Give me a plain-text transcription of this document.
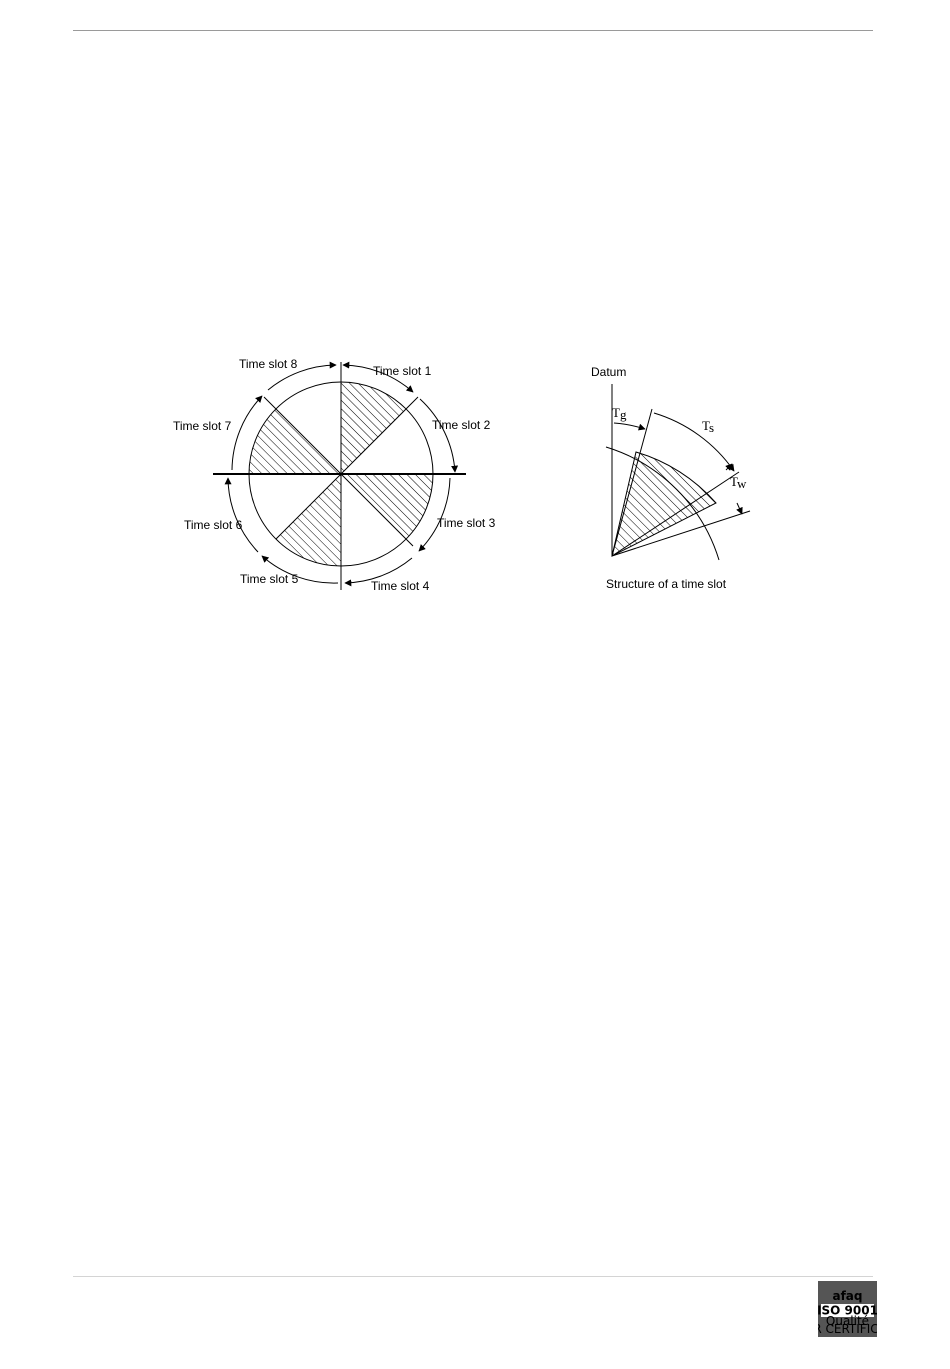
Time slot 8	Time slot 1
Time slot 7	Time slot 2
Time slot 6	Time slot 3
Time slot 5	Time slot 4
Datum
Tg
Ts
Tw
Structure of a time slot
afaq
ISO 9001
Qualité
CERTIFIC
